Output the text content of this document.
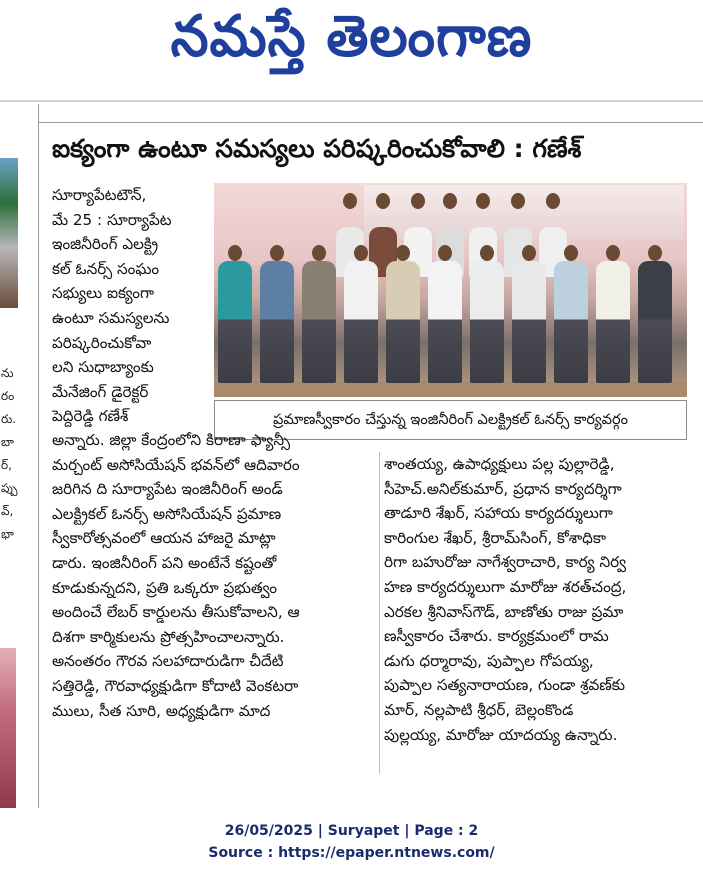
నమస్తే తెలంగాణ
ను
రం
రు.
బా
ర్,
ప్పు
వ్,
భా
ఐక్యంగా ఉంటూ సమస్యలు పరిష్కరించుకోవాలి : గణేశ్
ప్రమాణస్వీకారం చేస్తున్న ఇంజినీరింగ్ ఎలక్ట్రికల్ ఓనర్స్ కార్యవర్గం
సూర్యాపేటటౌన్,
మే 25 : సూర్యాపేట
ఇంజినీరింగ్ ఎలక్ట్రి
కల్ ఓనర్స్ సంఘం
సభ్యులు ఐక్యంగా
ఉంటూ సమస్యలను
పరిష్కరించుకోవా
లని సుధాబ్యాంకు
మేనేజింగ్ డైరెక్టర్
పెద్దిరెడ్డి గణేశ్
అన్నారు. జిల్లా కేంద్రంలోని కిరాణా ఫ్యాన్సీ
మర్చంట్ అసోసియేషన్ భవన్‌లో ఆదివారం
జరిగిన ది సూర్యాపేట ఇంజినీరింగ్ అండ్
ఎలక్ట్రికల్ ఓనర్స్ అసోసియేషన్ ప్రమాణ
స్వీకారోత్సవంలో ఆయన హాజరై మాట్లా
డారు. ఇంజినీరింగ్ పని అంటేనే కష్టంతో
కూడుకున్నదని, ప్రతి ఒక్కరూ ప్రభుత్వం
అందించే లేబర్ కార్డులను తీసుకోవాలని, ఆ
దిశగా కార్మికులను ప్రోత్సహించాలన్నారు.
అనంతరం గౌరవ సలహాదారుడిగా చీదేటి
సత్తిరెడ్డి, గౌరవాధ్యక్షుడిగా కోదాటి వెంకటరా
ములు, సీత సూరి, అధ్యక్షుడిగా మాద
శాంతయ్య, ఉపాధ్యక్షులు పల్ల పుల్లారెడ్డి,
సీహెచ్.అనిల్‌కుమార్, ప్రధాన కార్యదర్శిగా
తాడూరి శేఖర్, సహాయ కార్యదర్శులుగా
కారింగుల శేఖర్, శ్రీరామ్‌సింగ్, కోశాధికా
రిగా బహురోజు నాగేశ్వరాచారి, కార్య నిర్వ
హణ కార్యదర్శులుగా మారోజు శరత్‌చంద్ర,
ఎరకల శ్రీనివాస్‌గౌడ్, బాణోతు రాజు ప్రమా
ణస్వీకారం చేశారు. కార్యక్రమంలో రామ
డుగు ధర్మారావు, పుప్పాల గోపయ్య,
పుప్పాల సత్యనారాయణ, గుండా శ్రవణ్‌కు
మార్, నల్లపాటి శ్రీధర్, బెల్లంకొండ
పుల్లయ్య, మారోజు యాదయ్య ఉన్నారు.
26/05/2025 | Suryapet | Page : 2
Source : https://epaper.ntnews.com/
